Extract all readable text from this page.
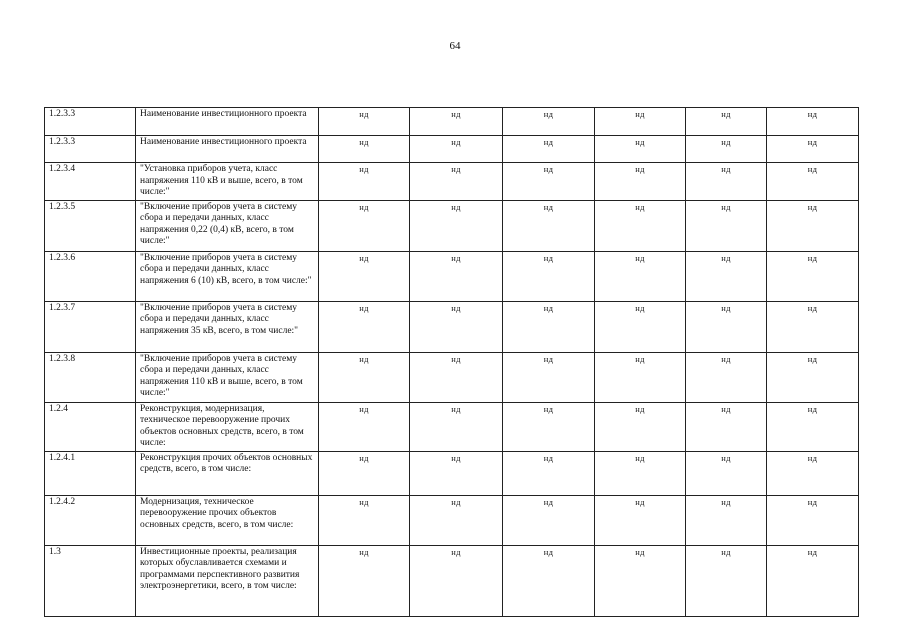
64
1.2.3.3	Наименование инвестиционного проекта	нд	нд	нд	нд	нд	нд
1.2.3.3	Наименование инвестиционного проекта	нд	нд	нд	нд	нд	нд
1.2.3.4	"Установка приборов учета, класс напряжения 110 кВ и выше, всего, в том числе:"	нд	нд	нд	нд	нд	нд
1.2.3.5	"Включение приборов учета в систему сбора и передачи данных, класс напряжения 0,22 (0,4) кВ, всего, в том числе:"	нд	нд	нд	нд	нд	нд
1.2.3.6	"Включение приборов учета в систему сбора и передачи данных, класс напряжения 6 (10) кВ, всего, в том числе:"	нд	нд	нд	нд	нд	нд
1.2.3.7	"Включение приборов учета в систему сбора и передачи данных, класс напряжения 35 кВ, всего, в том числе:"	нд	нд	нд	нд	нд	нд
1.2.3.8	"Включение приборов учета в систему сбора и передачи данных, класс напряжения 110 кВ и выше, всего, в том числе:"	нд	нд	нд	нд	нд	нд
1.2.4	Реконструкция, модернизация, техническое перевооружение прочих объектов основных средств, всего, в том числе:	нд	нд	нд	нд	нд	нд
1.2.4.1	Реконструкция прочих объектов основных средств, всего, в том числе:	нд	нд	нд	нд	нд	нд
1.2.4.2	Модернизация, техническое перевооружение прочих объектов основных средств, всего, в том числе:	нд	нд	нд	нд	нд	нд
1.3	Инвестиционные проекты, реализация которых обуславливается схемами и программами перспективного развития электроэнергетики, всего, в том числе:	нд	нд	нд	нд	нд	нд
